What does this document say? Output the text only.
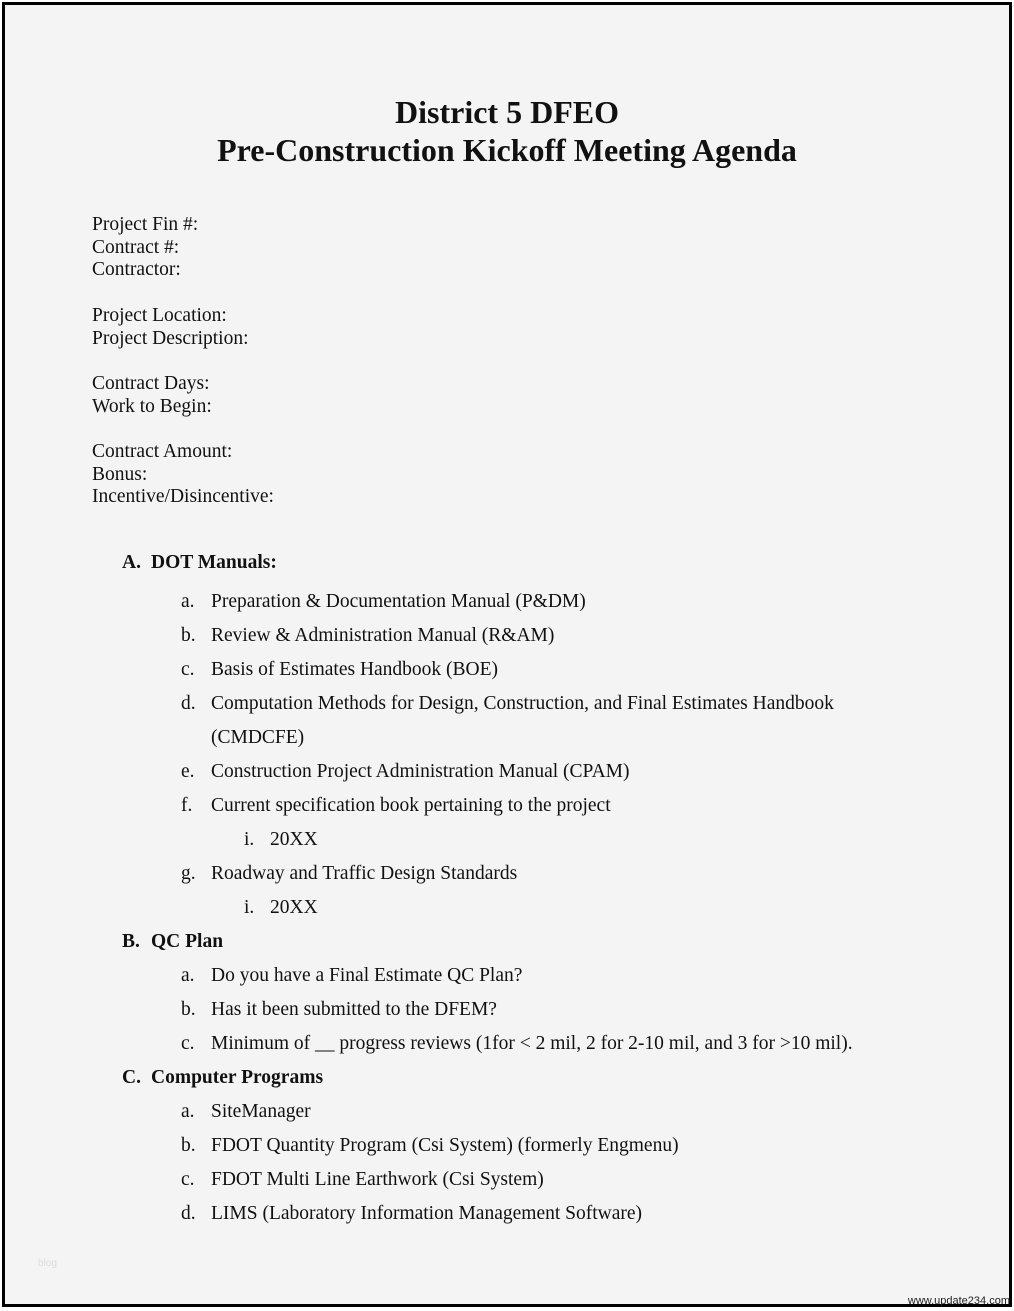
District 5 DFEO
Pre-Construction Kickoff Meeting Agenda
Project Fin #:
Contract #:
Contractor:
Project Location:
Project Description:
Contract Days:
Work to Begin:
Contract Amount:
Bonus:
Incentive/Disincentive:
A. DOT Manuals:
a. Preparation & Documentation Manual (P&DM)
b. Review & Administration Manual (R&AM)
c. Basis of Estimates Handbook (BOE)
d. Computation Methods for Design, Construction, and Final Estimates Handbook
(CMDCFE)
e. Construction Project Administration Manual (CPAM)
f. Current specification book pertaining to the project
i. 20XX
g. Roadway and Traffic Design Standards
i. 20XX
B. QC Plan
a. Do you have a Final Estimate QC Plan?
b. Has it been submitted to the DFEM?
c. Minimum of __ progress reviews (1for < 2 mil, 2 for 2-10 mil, and 3 for >10 mil).
C. Computer Programs
a. SiteManager
b. FDOT Quantity Program (Csi System) (formerly Engmenu)
c. FDOT Multi Line Earthwork (Csi System)
d. LIMS (Laboratory Information Management Software)
blog
www.update234.com
